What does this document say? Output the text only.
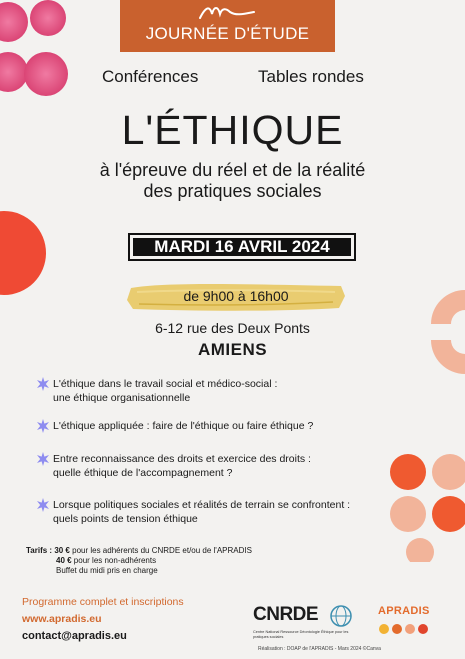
JOURNÉE D'ÉTUDE
Conférences	Tables rondes
L'ÉTHIQUE
à l'épreuve du réel et de la réalité
des pratiques sociales
MARDI 16 AVRIL 2024
de 9h00 à 16h00
6-12 rue des Deux Ponts
AMIENS
L'éthique dans le travail social et médico-social :
une éthique organisationnelle
L'éthique appliquée : faire de l'éthique ou faire éthique ?
Entre reconnaissance des droits et exercice des droits :
quelle éthique de l'accompagnement ?
Lorsque politiques sociales et réalités de terrain se confrontent :
quels points de tension éthique
Tarifs : 30 € pour les adhérents du CNRDE et/ou de l'APRADIS
40 € pour les non-adhérents
Buffet du midi pris en charge
Programme complet et inscriptions
www.apradis.eu
contact@apradis.eu
CNRDE
Centre National Ressource Déontologie Éthique pour les pratiques sociales
APRADIS
Réalisation : DOAP de l'APRADIS - Mars 2024 ©Canva
